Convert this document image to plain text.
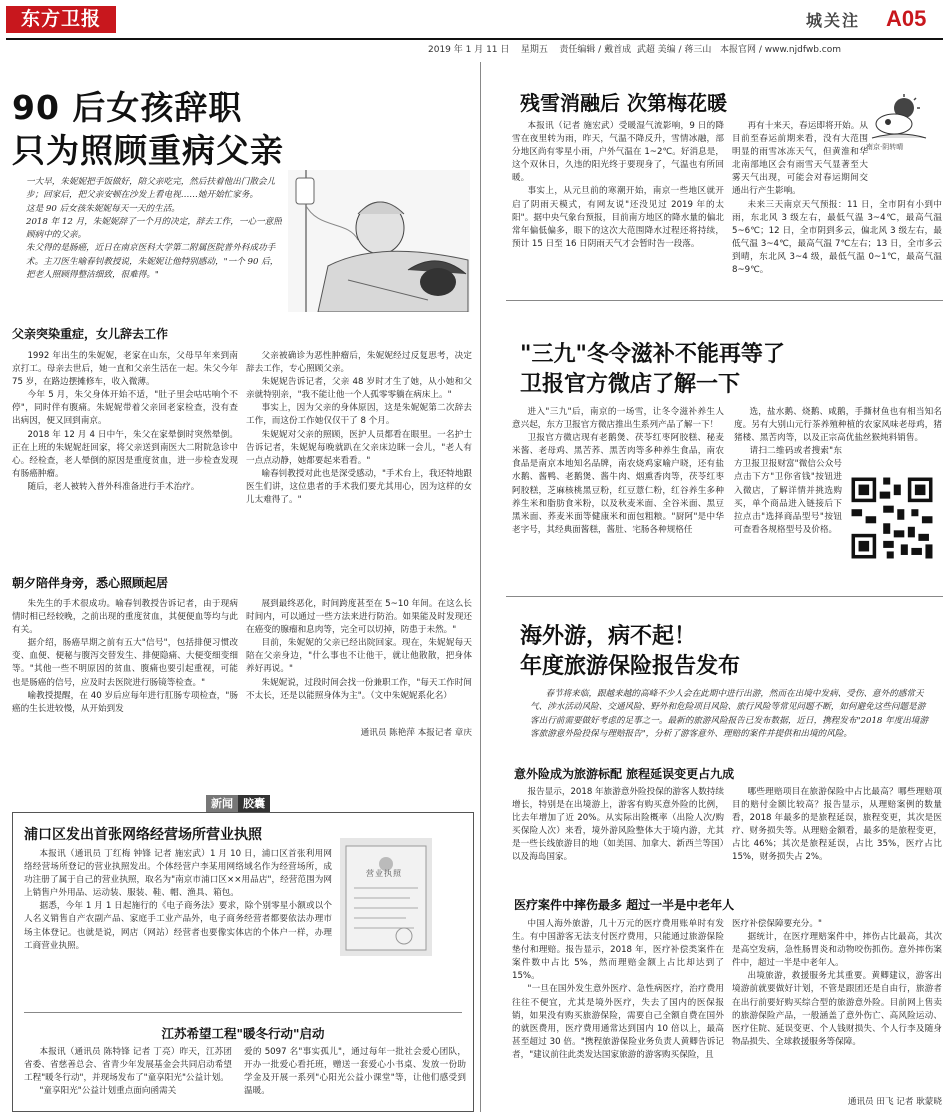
东方卫报	城关注 A05
2019 年 1 月 11 日 星期五 责任编辑 / 戴首成 武超 美编 / 蒋三山 本报官网 / www.njdfwb.com
90 后女孩辞职
只为照顾重病父亲
一大早，朱妮妮把手饭做好，陪父亲吃完，然后扶着他出门散会儿步；回家后，把父亲安顿在沙发上看电视……她开始忙家务。
这是 90 后女孩朱妮妮每天一天的生活。
2018 年 12 月，朱妮妮辞了一个月的决定，辞去工作，一心一意照顾病中的父亲。
朱父得的是肠癌，近日在南京医科大学第二附属医院普外科成功手术。主刀医生喻春钊教授说，朱妮妮让他特别感动，"一个 90 后，把老人照顾得整洁细致，很难得。"
父亲突染重症，女儿辞去工作

1992 年出生的朱妮妮，老家在山东，父母早年来到南京打工。母亲去世后，她一直和父亲生活在一起。朱父今年 75 岁，在路边摆摊修车，收入微薄。

今年 5 月，朱父身体开始不适，"肚子里会咕咕响个不停"，同时伴有腹痛。朱妮妮带着父亲回老家检查，没有查出病因，便又回到南京。

2018 年 12 月 4 日中午，朱父在家晕倒时突然晕倒。正在上班的朱妮妮赶回家，将父亲送到南医大二附院急诊中心。经检查，老人晕倒的原因是重度贫血，进一步检查发现有肠癌肿瘤。

随后，老人被转入普外科准备进行手术治疗。

父亲被确诊为恶性肿瘤后，朱妮妮经过反复思考，决定辞去工作，专心照顾父亲。

朱妮妮告诉记者，父亲 48 岁时才生了她，从小她和父亲就特别亲，"我不能让他一个人孤零零躺在病床上。"

事实上，因为父亲的身体原因，这是朱妮妮第二次辞去工作，而这份工作她仅仅干了 8 个月。

朱妮妮对父亲的照顾，医护人员都看在眼里。一名护士告诉记者，朱妮妮每晚就趴在父亲床边眯一会儿，"老人有一点点动静，她都要起来看看。"

喻春钊教授对此也是深受感动，"手术台上，我还特地跟医生们讲，这位患者的手术我们要尤其用心，因为这样的女儿太难得了。"

朝夕陪伴身旁，悉心照顾起居

朱先生的手术很成功。喻春钊教授告诉记者，由于现病情时相已经较晚，之前出现的重度贫血，其便便血等均与此有关。

据介绍，肠癌早期之前有五大"信号"，包括排便习惯改变、血便、便秘与腹泻交替发生、排便隐痛、大便变细变细等。"其他一些不明原因的贫血、腹痛也要引起重视，可能也是肠癌的信号，应及时去医院进行肠镜等检查。"

喻教授提醒，在 40 岁后应每年进行肛肠专项检查，"肠癌的生长进较慢，从开始到发

展到最终恶化，时间跨度甚至在 5~10 年间。在这么长时间内，可以通过一些方法来进行防治。如果能及时发现还在癌变的腺瘤和息肉等，完全可以切掉，防患于未然。"

目前，朱妮妮的父亲已经出院回家。现在，朱妮妮每天陪在父亲身边，"什么事也不让他干，就让他散散，把身体养好再说。"

朱妮妮说，过段时间会找一份兼职工作，"每天工作时间不太长，还是以能照身体为主"。（文中朱妮妮系化名）

通讯员 陈艳萍 本报记者 章庆
新闻 胶囊
浦口区发出首张网络经营场所营业执照

本报讯（通讯员 丁红梅 钟锋 记者 施宏武）1 月 10 日，浦口区首张利用网络经营场所登记的营业执照发出。个体经营户李某用网络域名作为经营场所，成功注册了属于自己的营业执照，取名为"南京市浦口区××用品店"，经营范围为网上销售户外用品、运动装、服装、鞋、帽、渔具、箱包。

据悉，今年 1 月 1 日起施行的《电子商务法》要求，除个别零星小额或以个人名义销售自产农副产品、家庭手工业产品外，电子商务经营者都要依法办理市场主体登记。也就是说，网店（网站）经营者也要像实体店的个体户一样，办理工商营业执照。

营业执照
江苏希望工程"暖冬行动"启动

本报讯（通讯员 陈特锋 记者 丁亮）昨天，江苏团省委、省慈善总会、省青少年发展基金会共同启动希望工程"暖冬行动"，并现场发布了"童享阳光"公益计划。

"童享阳光"公益计划重点面向函需关

爱的 5097 名"事实孤儿"，通过每年一批社会爱心团队，开办一批爱心看托班，赠送一套爱心小书桌、发放一份助学金及开展一系列"心阳光公益小课堂"等，让他们感受到温暖。

残雪消融后 次第梅花暖

本报讯（记者 施宏武）受暖湿气流影响，9 日的降雪在夜里转为雨，昨天，气温不降反升，雪情冰融，部分地区尚有零星小雨，户外气温在 1~2℃。好消息是，这个双休日，久违的阳光终于要现身了，气温也有所回暖。

事实上，从元旦前的寒潮开始，南京一些地区就开启了阴雨天模式，有网友说"还没见过 2019 年的太阳"。据中央气象台预报，目前南方地区的降水量的偏北常年偏低偏多，眼下的这次大范围降水过程还将持续，预计 15 日至 16 日阴雨天气才会暂时告一段落。

再有十来天，春运即将开始。从目前至春运前期来看，没有大范围明显的雨雪冰冻天气，但黄淮和华北南部地区会有雨雪天气显著至大雾天气出现，可能会对春运期间交通出行产生影响。

未来三天南京天气预报：11 日，全市阴有小到中雨，东北风 3 级左右，最低气温 3~4℃，最高气温 5~6℃；12 日，全市阴到多云，偏北风 3 级左右，最低气温 3~4℃，最高气温 7℃左右；13 日，全市多云到晴，东北风 3~4 级，最低气温 0~1℃，最高气温 8~9℃。

南京·阴转晴
"三九"冬令滋补不能再等了
卫报官方微店了解一下

进入"三九"后，南京的一场雪，让冬令滋补养生人意兴起，东方卫报官方微店推出生系列产品了解一下！

卫报官方微店现有老鹅煲、茯苓红枣阿胶糕、秘麦米酱、老母鸡、黑苦荞、黑苦肉等多种养生食品，南农食品是南京本地知名品牌，南农烧鸡家喻户晓，还有盐水鹅、酱鸭、老鹅煲、酱牛肉、烟熏香肉等，茯苓红枣阿胶糕，芝麻核桃黑豆粉，红豆薏仁粉，红谷养生多种养生米和脂肪食米粉，以及秋麦米面、全谷米面、黑豆黑米面、荞麦米面等健康米和面包粗粮。"厨阿"是中华老字号，其经典面酱糕，酱肚、宅肠各种规格任

选，盐水鹅、烧鹅、咸鹅，手撕材鱼也有相当知名度。另有大别山元行茶养殖种植的农家风味老母鸡，猪猪楼、黑苦肉等，以及正宗高优盐丝猴炖料销售。

请扫二维码或者搜索"东方卫报卫报财富"微信公众号点击下方"卫你省钱"按钮进入微店，了解详情并挑选购买，单个商品进入链接后下拉点击"选择商品型号"按钮可查看各规格型号及价格。

海外游，病不起！
年度旅游保险报告发布
春节将来临，跟越来越的高峰不少人会在此期中进行出游，然而在出境中发病、受伤、意外的感常天气、涉水活动风险、交通风险、野外和危险项目风险、旅行风险等常见问题不断，如何避免这些问题是游客出行前需要做好考虑的足事之一。最新的旅游风险报告已发布数据，近日，携程发布"2018 年度出境游客旅游意外险投保与理赔报告"，分析了游客意外、理赔的案件并提供和出境的风险。
意外险成为旅游标配 旅程延误变更占九成

报告显示，2018 年旅游意外险投保的游客人数持续增长，特别是在出境游上，游客有购买意外险的比例，比去年增加了近 20%。从实际出险概率（出险人次/购买保险人次）来看，境外游风险整体大于境内游，尤其是一些长线旅游目的地（如美国、加拿大、新西兰等国）以及海岛国家。

哪些理赔项目在旅游保险中占比最高？哪些理赔项目的赔付金额比较高？报告显示，从理赔案例的数量看，2018 年最多的是旅程延误，旅程变更，其次是医疗、财务损失等。从理赔金额看，最多的是旅程变更，占比 46%；其次是旅程延误，占比 35%，医疗占比 15%，财务损失占 2%。

医疗案件中摔伤最多 超过一半是中老年人

中国人海外旅游，几十万元的医疗费用账单时有发生。有中国游客无法支付医疗费用，只能通过旅游保险垫付和理赔。报告显示，2018 年，医疗补偿类案件在案件数中占比 5%，然而理赔金额上占比却达到了 15%。

"一旦在国外发生意外医疗、急性病医疗，治疗费用往往不便宜，尤其是境外医疗，失去了国内的医保报销，如果没有购买旅游保险，需要自己全额自费在国外的就医费用，医疗费用通常达到国内 10 倍以上，最高甚至超过 30 倍。"携程旅游保险业务负责人黄卿告诉记者，"建议前往此类发达国家旅游的游客购买保险，且

医疗补偿保障要充分。"

据统计，在医疗理赔案件中，摔伤占比最高，其次是高空发病，急性肠胃炎和动物咬伤抓伤。意外摔伤案件中，超过一半是中老年人。

出境旅游，救援服务尤其重要。黄卿建议，游客出境游前就要做好计划，不管是跟团还是自由行，旅游者在出行前要好购买综合型的旅游意外险。目前网上售卖的旅游保险产品，一般涵盖了意外伤亡、高风险运动、医疗住院、延误变更、个人钱财损失、个人行李及随身物品损失、全球救援服务等保障。

通讯员 田飞 记者 耿蒙晓
